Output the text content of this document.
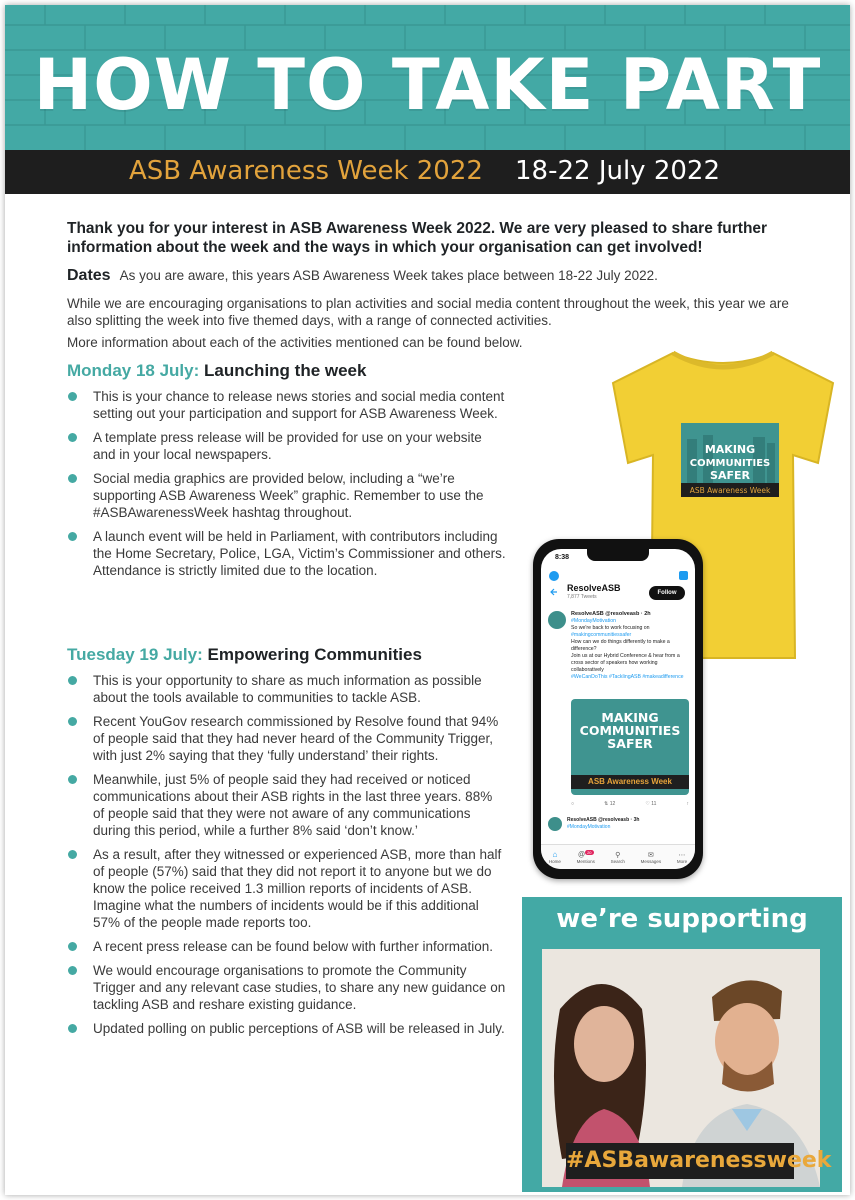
HOW TO TAKE PART
ASB Awareness Week 2022 18-22 July 2022
Thank you for your interest in ASB Awareness Week 2022. We are very pleased to share further information about the week and the ways in which your organisation can get involved!
Dates As you are aware, this years ASB Awareness Week takes place between 18-22 July 2022.
While we are encouraging organisations to plan activities and social media content throughout the week, this year we are also splitting the week into five themed days, with a range of connected activities.
More information about each of the activities mentioned can be found below.
Monday 18 July: Launching the week
This is your chance to release news stories and social media content setting out your participation and support for ASB Awareness Week.
A template press release will be provided for use on your website and in your local newspapers.
Social media graphics are provided below, including a “we’re supporting ASB Awareness Week” graphic. Remember to use the #ASBAwarenessWeek hashtag throughout.
A launch event will be held in Parliament, with contributors including the Home Secretary, Police, LGA, Victim’s Commissioner and others. Attendance is strictly limited due to the location.
Tuesday 19 July: Empowering Communities
This is your opportunity to share as much information as possible about the tools available to communities to tackle ASB.
Recent YouGov research commissioned by Resolve found that 94% of people said that they had never heard of the Community Trigger, with just 2% saying that they ‘fully understand’ their rights.
Meanwhile, just 5% of people said they had received or noticed communications about their ASB rights in the last three years. 88% of people said that they were not aware of any communications during this period, while a further 8% said ‘don’t know.’
As a result, after they witnessed or experienced ASB, more than half of people (57%) said that they did not report it to anyone but we do know the police received 1.3 million reports of incidents of ASB. Imagine what the numbers of incidents would be if this additional 57% of the people made reports too.
A recent press release can be found below with further information.
We would encourage organisations to promote the Community Trigger and any relevant case studies, to share any new guidance on tackling ASB and reshare existing guidance.
Updated polling on public perceptions of ASB will be released in July.
MAKING
COMMUNITIES
SAFER
ASB Awareness Week
8:38
ResolveASB
7,877 Tweets
Follow
ResolveASB @resolveasb · 2h
#MondayMotivation
So we're back to work focusing on
#makingcommunitiessafer
How can we do things differently to make a difference?
Join us at our Hybrid Conference & hear from a cross sector of speakers how working collaboratively
#WeCanDoThis #TacklingASB #makeadifference
MAKING
COMMUNITIES
SAFER
ASB Awareness Week
○	⇅ 12	♡ 11	↑
ResolveASB @resolveasb · 3h
#MondayMotivation
⌂
Home
@ $^{20}$
Mentions
⚲
Search
✉
Messages
⋯
More
we’re supporting
#ASBawarenessweek
